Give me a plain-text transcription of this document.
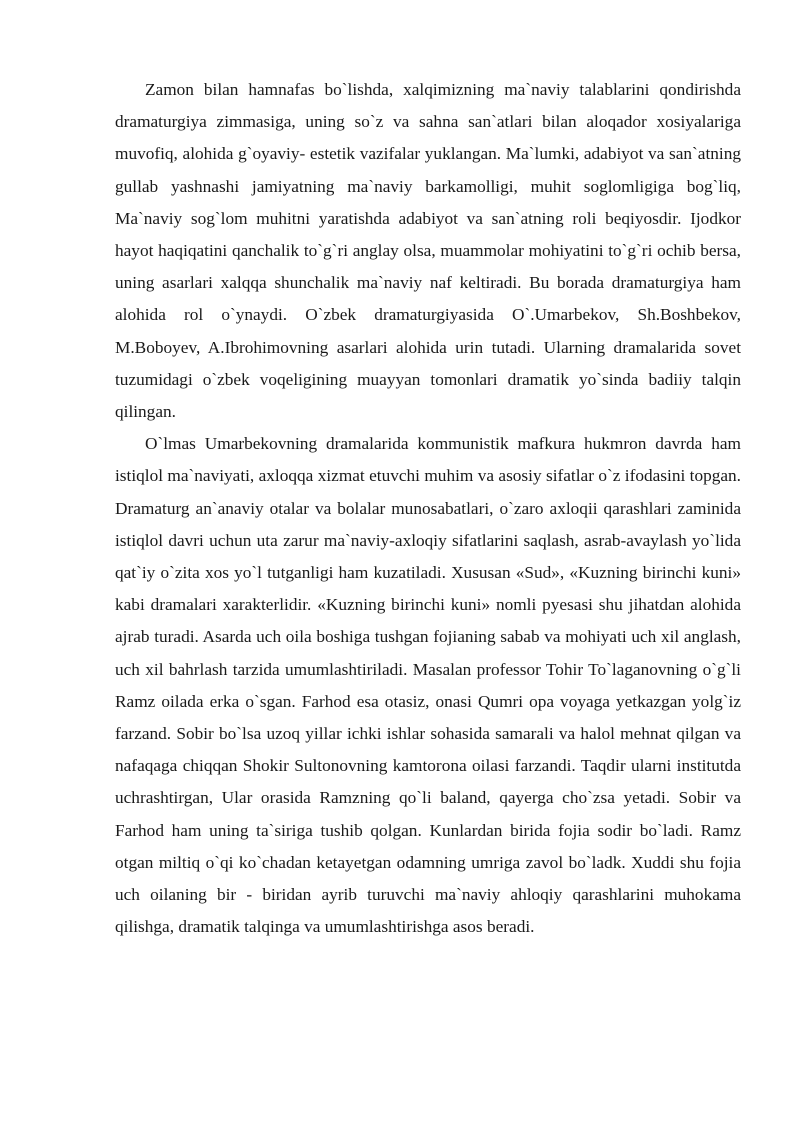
Zamon bilan hamnafas bo`lishda, xalqimizning ma`naviy talablarini qondirishda dramaturgiya zimmasiga, uning so`z va sahna san`atlari bilan aloqador xosiyalariga muvofiq, alohida g`oyaviy- estetik vazifalar yuklangan. Ma`lumki, adabiyot va san`atning gullab yashnashi jamiyatning ma`naviy barkamolligi, muhit soglomligiga bog`liq, Ma`naviy sog`lom muhitni yaratishda adabiyot va san`atning roli beqiyosdir. Ijodkor hayot haqiqatini qanchalik to`g`ri anglay olsa, muammolar mohiyatini to`g`ri ochib bersa, uning asarlari xalqqa shunchalik ma`naviy naf keltiradi. Bu borada dramaturgiya ham alohida rol o`ynaydi. O`zbek dramaturgiyasida O`.Umarbekov, Sh.Boshbekov, M.Boboyev, A.Ibrohimovning asarlari alohida urin tutadi. Ularning dramalarida sovet tuzumidagi o`zbek voqeligining muayyan tomonlari dramatik yo`sinda badiiy talqin qilingan.

O`lmas Umarbekovning dramalarida kommunistik mafkura hukmron davrda ham istiqlol ma`naviyati, axloqqa xizmat etuvchi muhim va asosiy sifatlar o`z ifodasini topgan. Dramaturg an`anaviy otalar va bolalar munosabatlari, o`zaro axloqii qarashlari zaminida istiqlol davri uchun uta zarur ma`naviy-axloqiy sifatlarini saqlash, asrab-avaylash yo`lida qat`iy o`zita xos yo`l tutganligi ham kuzatiladi. Xususan «Sud», «Kuzning birinchi kuni» kabi dramalari xarakterlidir. «Kuzning birinchi kuni» nomli pyesasi shu jihatdan alohida ajrab turadi. Asarda uch oila boshiga tushgan fojianing sabab va mohiyati uch xil anglash, uch xil bahrlash tarzida umumlashtiriladi. Masalan professor Tohir To`laganovning o`g`li Ramz oilada erka o`sgan. Farhod esa otasiz, onasi Qumri opa voyaga yetkazgan yolg`iz farzand. Sobir bo`lsa uzoq yillar ichki ishlar sohasida samarali va halol mehnat qilgan va nafaqaga chiqqan Shokir Sultonovning kamtorona oilasi farzandi. Taqdir ularni institutda uchrashtirgan, Ular orasida Ramzning qo`li baland, qayerga cho`zsa yetadi. Sobir va Farhod ham uning ta`siriga tushib qolgan. Kunlardan birida fojia sodir bo`ladi. Ramz otgan miltiq o`qi ko`chadan ketayetgan odamning umriga zavol bo`ladk. Xuddi shu fojia uch oilaning bir - biridan ayrib turuvchi ma`naviy ahloqiy qarashlarini muhokama qilishga, dramatik talqinga va umumlashtirishga asos beradi.
